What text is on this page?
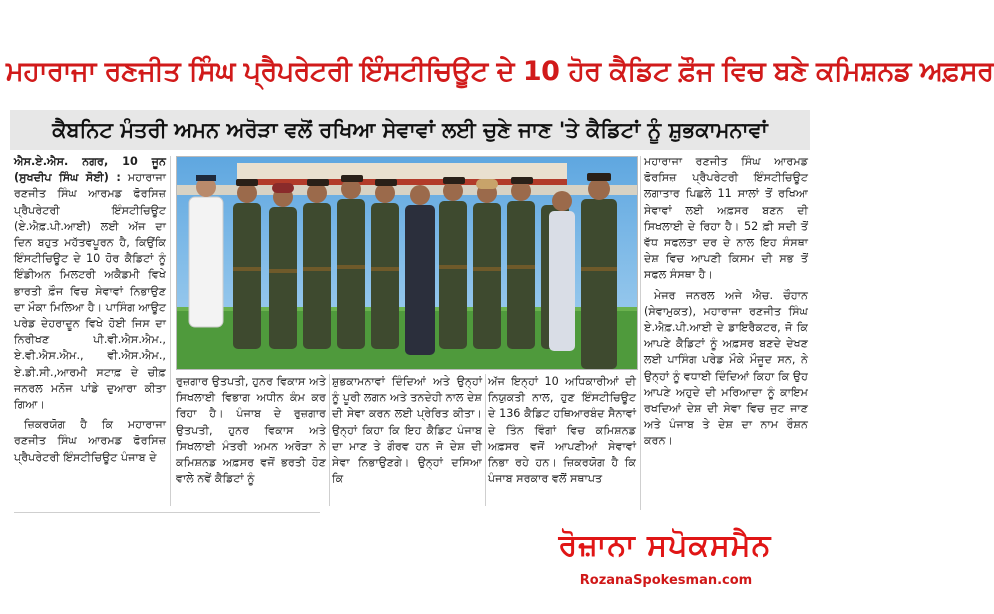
ਮਹਾਰਾਜਾ ਰਣਜੀਤ ਸਿੰਘ ਪ੍ਰੈਪਰੇਟਰੀ ਇੰਸਟੀਚਿਊਟ ਦੇ 10 ਹੋਰ ਕੈਡਿਟ ਫ਼ੌਜ ਵਿਚ ਬਣੇ ਕਮਿਸ਼ਨਡ ਅਫ਼ਸਰ
ਕੈਬਨਿਟ ਮੰਤਰੀ ਅਮਨ ਅਰੋੜਾ ਵਲੋਂ ਰਖਿਆ ਸੇਵਾਵਾਂ ਲਈ ਚੁਣੇ ਜਾਣ 'ਤੇ ਕੈਡਿਟਾਂ ਨੂੰ ਸ਼ੁਭਕਾਮਨਾਵਾਂ

ਐਸ.ਏ.ਐਸ. ਨਗਰ, 10 ਜੂਨ (ਸੁਖਦੀਪ ਸਿੰਘ ਸੋਈ) : ਮਹਾਰਾਜਾ ਰਣਜੀਤ ਸਿੰਘ ਆਰਮਡ ਫੋਰਸਿਜ਼ ਪ੍ਰੈਪਰੇਟਰੀ ਇੰਸਟੀਚਿਊਟ (ਏ.ਐਫ਼.ਪੀ.ਆਈ) ਲਈ ਅੱਜ ਦਾ ਦਿਨ ਬਹੁਤ ਮਹੱਤਵਪੂਰਨ ਹੈ, ਕਿਉਂਕਿ ਇੰਸਟੀਚਿਊਟ ਦੇ 10 ਹੋਰ ਕੈਡਿਟਾਂ ਨੂੰ ਇੰਡੀਅਨ ਮਿਲਟਰੀ ਅਕੈਡਮੀ ਵਿਖੇ ਭਾਰਤੀ ਫ਼ੌਜ ਵਿਚ ਸੇਵਾਵਾਂ ਨਿਭਾਉਣ ਦਾ ਮੌਕਾ ਮਿਲਿਆ ਹੈ। ਪਾਸਿੰਗ ਆਊਟ ਪਰੇਡ ਦੇਹਰਾਦੂਨ ਵਿਖੇ ਹੋਈ ਜਿਸ ਦਾ ਨਿਰੀਖਣ ਪੀ.ਵੀ.ਐਸ.ਐਮ., ਏ.ਵੀ.ਐਸ.ਐਮ., ਵੀ.ਐਸ.ਐਮ., ਏ.ਡੀ.ਸੀ.,ਆਰਮੀ ਸਟਾਫ਼ ਦੇ ਚੀਫ਼ ਜਨਰਲ ਮਨੋਜ ਪਾਂਡੇ ਦੁਆਰਾ ਕੀਤਾ ਗਿਆ।

ਜ਼ਿਕਰਯੋਗ ਹੈ ਕਿ ਮਹਾਰਾਜਾ ਰਣਜੀਤ ਸਿੰਘ ਆਰਮਡ ਫੋਰਸਿਜ਼ ਪ੍ਰੈਪਰੇਟਰੀ ਇੰਸਟੀਚਿਊਟ ਪੰਜਾਬ ਦੇ

ਰੁਜ਼ਗਾਰ ਉਤਪਤੀ, ਹੁਨਰ ਵਿਕਾਸ ਅਤੇ ਸਿਖਲਾਈ ਵਿਭਾਗ ਅਧੀਨ ਕੰਮ ਕਰ ਰਿਹਾ ਹੈ। ਪੰਜਾਬ ਦੇ ਰੁਜ਼ਗਾਰ ਉਤਪਤੀ, ਹੁਨਰ ਵਿਕਾਸ ਅਤੇ ਸਿਖਲਾਈ ਮੰਤਰੀ ਅਮਨ ਅਰੋੜਾ ਨੇ ਕਮਿਸ਼ਨਡ ਅਫ਼ਸਰ ਵਜੋਂ ਭਰਤੀ ਹੋਣ ਵਾਲੇ ਨਵੇਂ ਕੈਡਿਟਾਂ ਨੂੰ

ਸ਼ੁਭਕਾਮਨਾਵਾਂ ਦਿੰਦਿਆਂ ਅਤੇ ਉਨ੍ਹਾਂ ਨੂੰ ਪੂਰੀ ਲਗਨ ਅਤੇ ਤਨਦੇਹੀ ਨਾਲ ਦੇਸ਼ ਦੀ ਸੇਵਾ ਕਰਨ ਲਈ ਪ੍ਰੇਰਿਤ ਕੀਤਾ। ਉਨ੍ਹਾਂ ਕਿਹਾ ਕਿ ਇਹ ਕੈਡਿਟ ਪੰਜਾਬ ਦਾ ਮਾਣ ਤੇ ਗੌਰਵ ਹਨ ਜੋ ਦੇਸ਼ ਦੀ ਸੇਵਾ ਨਿਭਾਉਣਗੇ। ਉਨ੍ਹਾਂ ਦਸਿਆ ਕਿ

ਅੱਜ ਇਨ੍ਹਾਂ 10 ਅਧਿਕਾਰੀਆਂ ਦੀ ਨਿਯੁਕਤੀ ਨਾਲ, ਹੁਣ ਇੰਸਟੀਚਿਊਟ ਦੇ 136 ਕੈਡਿਟ ਹਥਿਆਰਬੰਦ ਸੈਨਾਵਾਂ ਦੇ ਤਿੰਨ ਵਿੰਗਾਂ ਵਿਚ ਕਮਿਸ਼ਨਡ ਅਫ਼ਸਰ ਵਜੋਂ ਆਪਣੀਆਂ ਸੇਵਾਵਾਂ ਨਿਭਾ ਰਹੇ ਹਨ। ਜ਼ਿਕਰਯੋਗ ਹੈ ਕਿ ਪੰਜਾਬ ਸਰਕਾਰ ਵਲੋਂ ਸਥਾਪਤ

ਮਹਾਰਾਜਾ ਰਣਜੀਤ ਸਿੰਘ ਆਰਮਡ ਫੋਰਸਿਜ਼ ਪ੍ਰੈਪਰੇਟਰੀ ਇੰਸਟੀਚਿਊਟ ਲਗਾਤਾਰ ਪਿਛਲੇ 11 ਸਾਲਾਂ ਤੋਂ ਰਖਿਆ ਸੇਵਾਵਾਂ ਲਈ ਅਫ਼ਸਰ ਬਣਨ ਦੀ ਸਿਖਲਾਈ ਦੇ ਰਿਹਾ ਹੈ। 52 ਫ਼ੀ ਸਦੀ ਤੋਂ ਵੱਧ ਸਫਲਤਾ ਦਰ ਦੇ ਨਾਲ ਇਹ ਸੰਸਥਾ ਦੇਸ਼ ਵਿਚ ਆਪਣੀ ਕਿਸਮ ਦੀ ਸਭ ਤੋਂ ਸਫਲ ਸੰਸਥਾ ਹੈ।

ਮੇਜਰ ਜਨਰਲ ਅਜੇ ਐਚ. ਚੌਹਾਨ (ਸੇਵਾਮੁਕਤ), ਮਹਾਰਾਜਾ ਰਣਜੀਤ ਸਿੰਘ ਏ.ਐਫ਼.ਪੀ.ਆਈ ਦੇ ਡਾਇਰੈਕਟਰ, ਜੋ ਕਿ ਆਪਣੇ ਕੈਡਿਟਾਂ ਨੂੰ ਅਫ਼ਸਰ ਬਣਦੇ ਦੇਖਣ ਲਈ ਪਾਸਿੰਗ ਪਰੇਡ ਮੌਕੇ ਮੌਜੂਦ ਸਨ, ਨੇ ਉਨ੍ਹਾਂ ਨੂੰ ਵਧਾਈ ਦਿੰਦਿਆਂ ਕਿਹਾ ਕਿ ਉਹ ਆਪਣੇ ਅਹੁਦੇ ਦੀ ਮਰਿਆਦਾ ਨੂੰ ਕਾਇਮ ਰਖਦਿਆਂ ਦੇਸ਼ ਦੀ ਸੇਵਾ ਵਿਚ ਜੁਟ ਜਾਣ ਅਤੇ ਪੰਜਾਬ ਤੇ ਦੇਸ਼ ਦਾ ਨਾਮ ਰੌਸ਼ਨ ਕਰਨ।

ਰੋਜ਼ਾਨਾ ਸਪੋਕਸਮੈਨ
RozanaSpokesman.com
